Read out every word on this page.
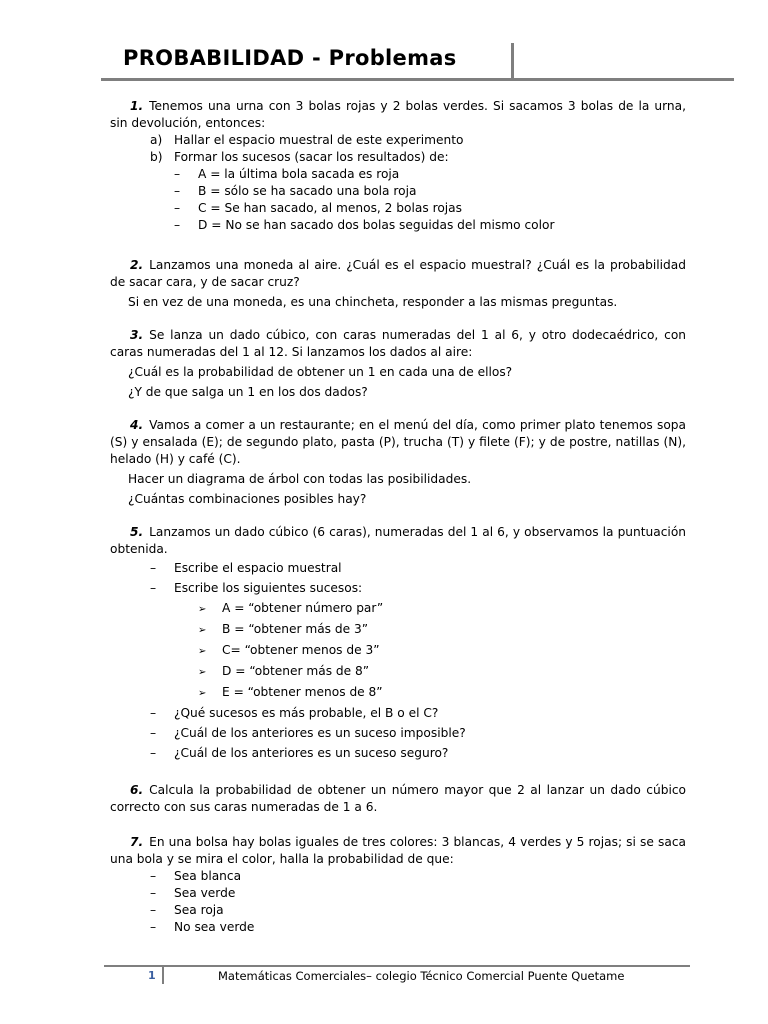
PROBABILIDAD - Problemas

1. Tenemos una urna con 3 bolas rojas y 2 bolas verdes. Si sacamos 3 bolas de la urna, sin devolución, entonces:

a) Hallar el espacio muestral de este experimento
b) Formar los sucesos (sacar los resultados) de:
– A = la última bola sacada es roja
– B = sólo se ha sacado una bola roja
– C = Se han sacado, al menos, 2 bolas rojas
– D = No se han sacado dos bolas seguidas del mismo color

2. Lanzamos una moneda al aire. ¿Cuál es el espacio muestral? ¿Cuál es la probabilidad de sacar cara, y de sacar cruz?

Si en vez de una moneda, es una chincheta, responder a las mismas preguntas.

3. Se lanza un dado cúbico, con caras numeradas del 1 al 6, y otro dodecaédrico, con caras numeradas del 1 al 12. Si lanzamos los dados al aire:

¿Cuál es la probabilidad de obtener un 1 en cada una de ellos?
¿Y de que salga un 1 en los dos dados?

4. Vamos a comer a un restaurante; en el menú del día, como primer plato tenemos sopa (S) y ensalada (E); de segundo plato, pasta (P), trucha (T) y filete (F); y de postre, natillas (N), helado (H) y café (C).

Hacer un diagrama de árbol con todas las posibilidades.
¿Cuántas combinaciones posibles hay?

5. Lanzamos un dado cúbico (6 caras), numeradas del 1 al 6, y observamos la puntuación obtenida.

– Escribe el espacio muestral
– Escribe los siguientes sucesos:
➢ A = “obtener número par”
➢ B = “obtener más de 3”
➢ C= “obtener menos de 3”
➢ D = “obtener más de 8”
➢ E = “obtener menos de 8”
– ¿Qué sucesos es más probable, el B o el C?
– ¿Cuál de los anteriores es un suceso imposible?
– ¿Cuál de los anteriores es un suceso seguro?

6. Calcula la probabilidad de obtener un número mayor que 2 al lanzar un dado cúbico correcto con sus caras numeradas de 1 a 6.

7. En una bolsa hay bolas iguales de tres colores: 3 blancas, 4 verdes y 5 rojas; si se saca una bola y se mira el color, halla la probabilidad de que:

– Sea blanca
– Sea verde
– Sea roja
– No sea verde
1	Matemáticas Comerciales– colegio Técnico Comercial Puente Quetame
